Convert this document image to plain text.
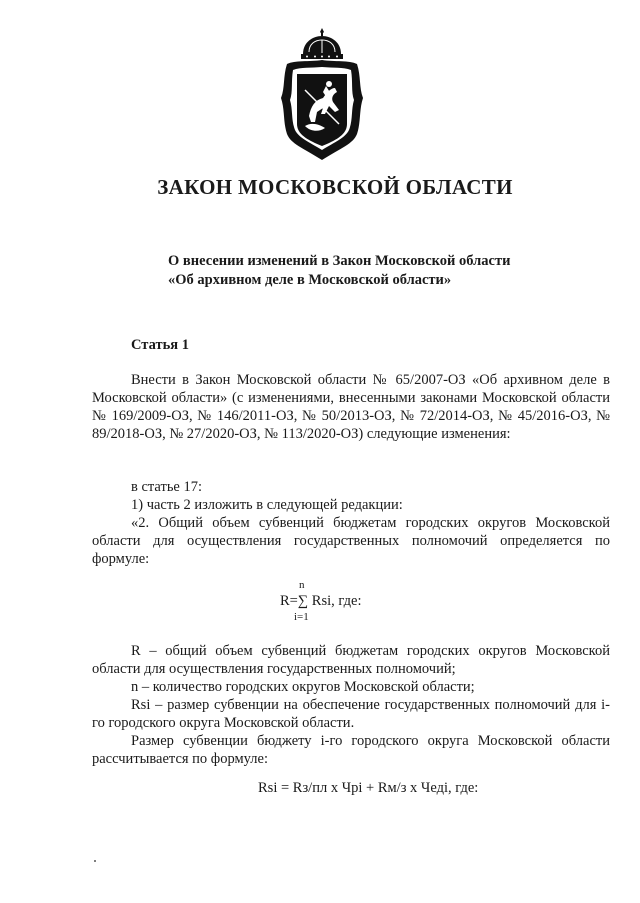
ЗАКОН МОСКОВСКОЙ ОБЛАСТИ
О внесении изменений в Закон Московской области
«Об архивном деле в Московской области»
Статья 1
Внести в Закон Московской области № 65/2007-ОЗ «Об архивном деле в Московской области» (с изменениями, внесенными законами Московской области № 169/2009-ОЗ, № 146/2011-ОЗ, № 50/2013-ОЗ, № 72/2014-ОЗ, № 45/2016-ОЗ, № 89/2018-ОЗ, № 27/2020-ОЗ, № 113/2020-ОЗ) следующие изменения:
в статье 17:
1) часть 2 изложить в следующей редакции:
«2. Общий объем субвенций бюджетам городских округов Московской области для осуществления государственных полномочий определяется по формуле:
n
R=∑ Rsi, где:
i=1
R – общий объем субвенций бюджетам городских округов Московской области для осуществления государственных полномочий;
n – количество городских округов Московской области;
Rsi – размер субвенции на обеспечение государственных полномочий для i-го городского округа Московской области.
Размер субвенции бюджету i-го городского округа Московской области рассчитывается по формуле:
Rsi = Rз/пл х Чрi + Rм/з х Чеді, где:
